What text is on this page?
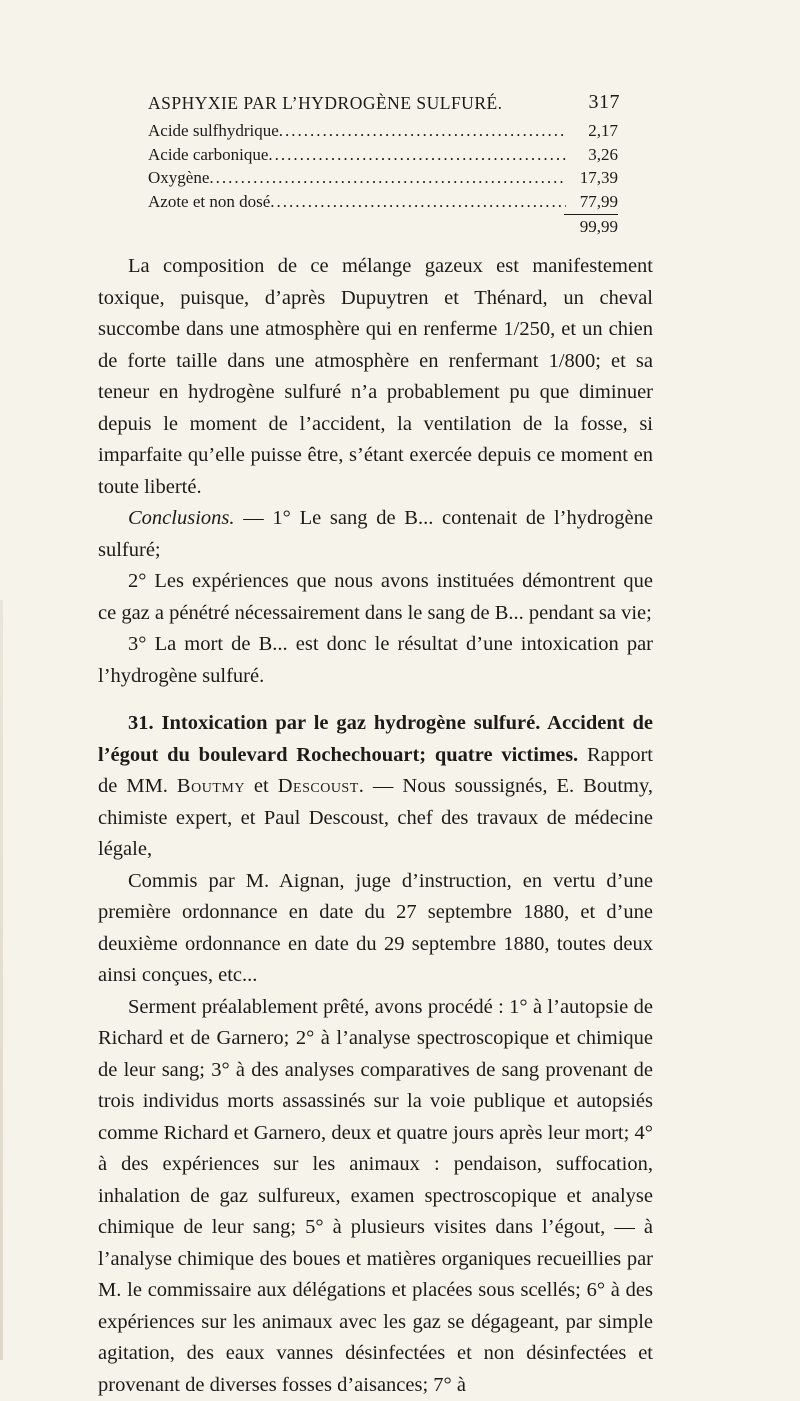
ASPHYXIE PAR L’HYDROGÈNE SULFURÉ.	317
Acide sulfhydrique .....	2,17
Acide carbonique .....	3,26
Oxygène .....	17,39
Azote et non dosé .....	77,99
99,99

La composition de ce mélange gazeux est manifestement toxique, puisque, d’après Dupuytren et Thénard, un cheval succombe dans une atmosphère qui en renferme 1/250, et un chien de forte taille dans une atmosphère en renfermant 1/800; et sa teneur en hydrogène sulfuré n’a probablement pu que diminuer depuis le moment de l’accident, la ventilation de la fosse, si imparfaite qu’elle puisse être, s’étant exercée depuis ce moment en toute liberté.

Conclusions. — 1° Le sang de B... contenait de l’hydrogène sulfuré;

2° Les expériences que nous avons instituées démontrent que ce gaz a pénétré nécessairement dans le sang de B... pendant sa vie;

3° La mort de B... est donc le résultat d’une intoxication par l’hydrogène sulfuré.

31. Intoxication par le gaz hydrogène sulfuré. Accident de l’égout du boulevard Rochechouart; quatre victimes. Rapport de MM. Boutmy et Descoust. — Nous soussignés, E. Boutmy, chimiste expert, et Paul Descoust, chef des travaux de médecine légale,

Commis par M. Aignan, juge d’instruction, en vertu d’une première ordonnance en date du 27 septembre 1880, et d’une deuxième ordonnance en date du 29 septembre 1880, toutes deux ainsi conçues, etc...

Serment préalablement prêté, avons procédé : 1° à l’autopsie de Richard et de Garnero; 2° à l’analyse spectroscopique et chimique de leur sang; 3° à des analyses comparatives de sang provenant de trois individus morts assassinés sur la voie publique et autopsiés comme Richard et Garnero, deux et quatre jours après leur mort; 4° à des expériences sur les animaux : pendaison, suffocation, inhalation de gaz sulfureux, examen spectroscopique et analyse chimique de leur sang; 5° à plusieurs visites dans l’égout, — à l’analyse chimique des boues et matières organiques recueillies par M. le commissaire aux délégations et placées sous scellés; 6° à des expériences sur les animaux avec les gaz se dégageant, par simple agitation, des eaux vannes désinfectées et non désinfectées et provenant de diverses fosses d’aisances; 7° à
